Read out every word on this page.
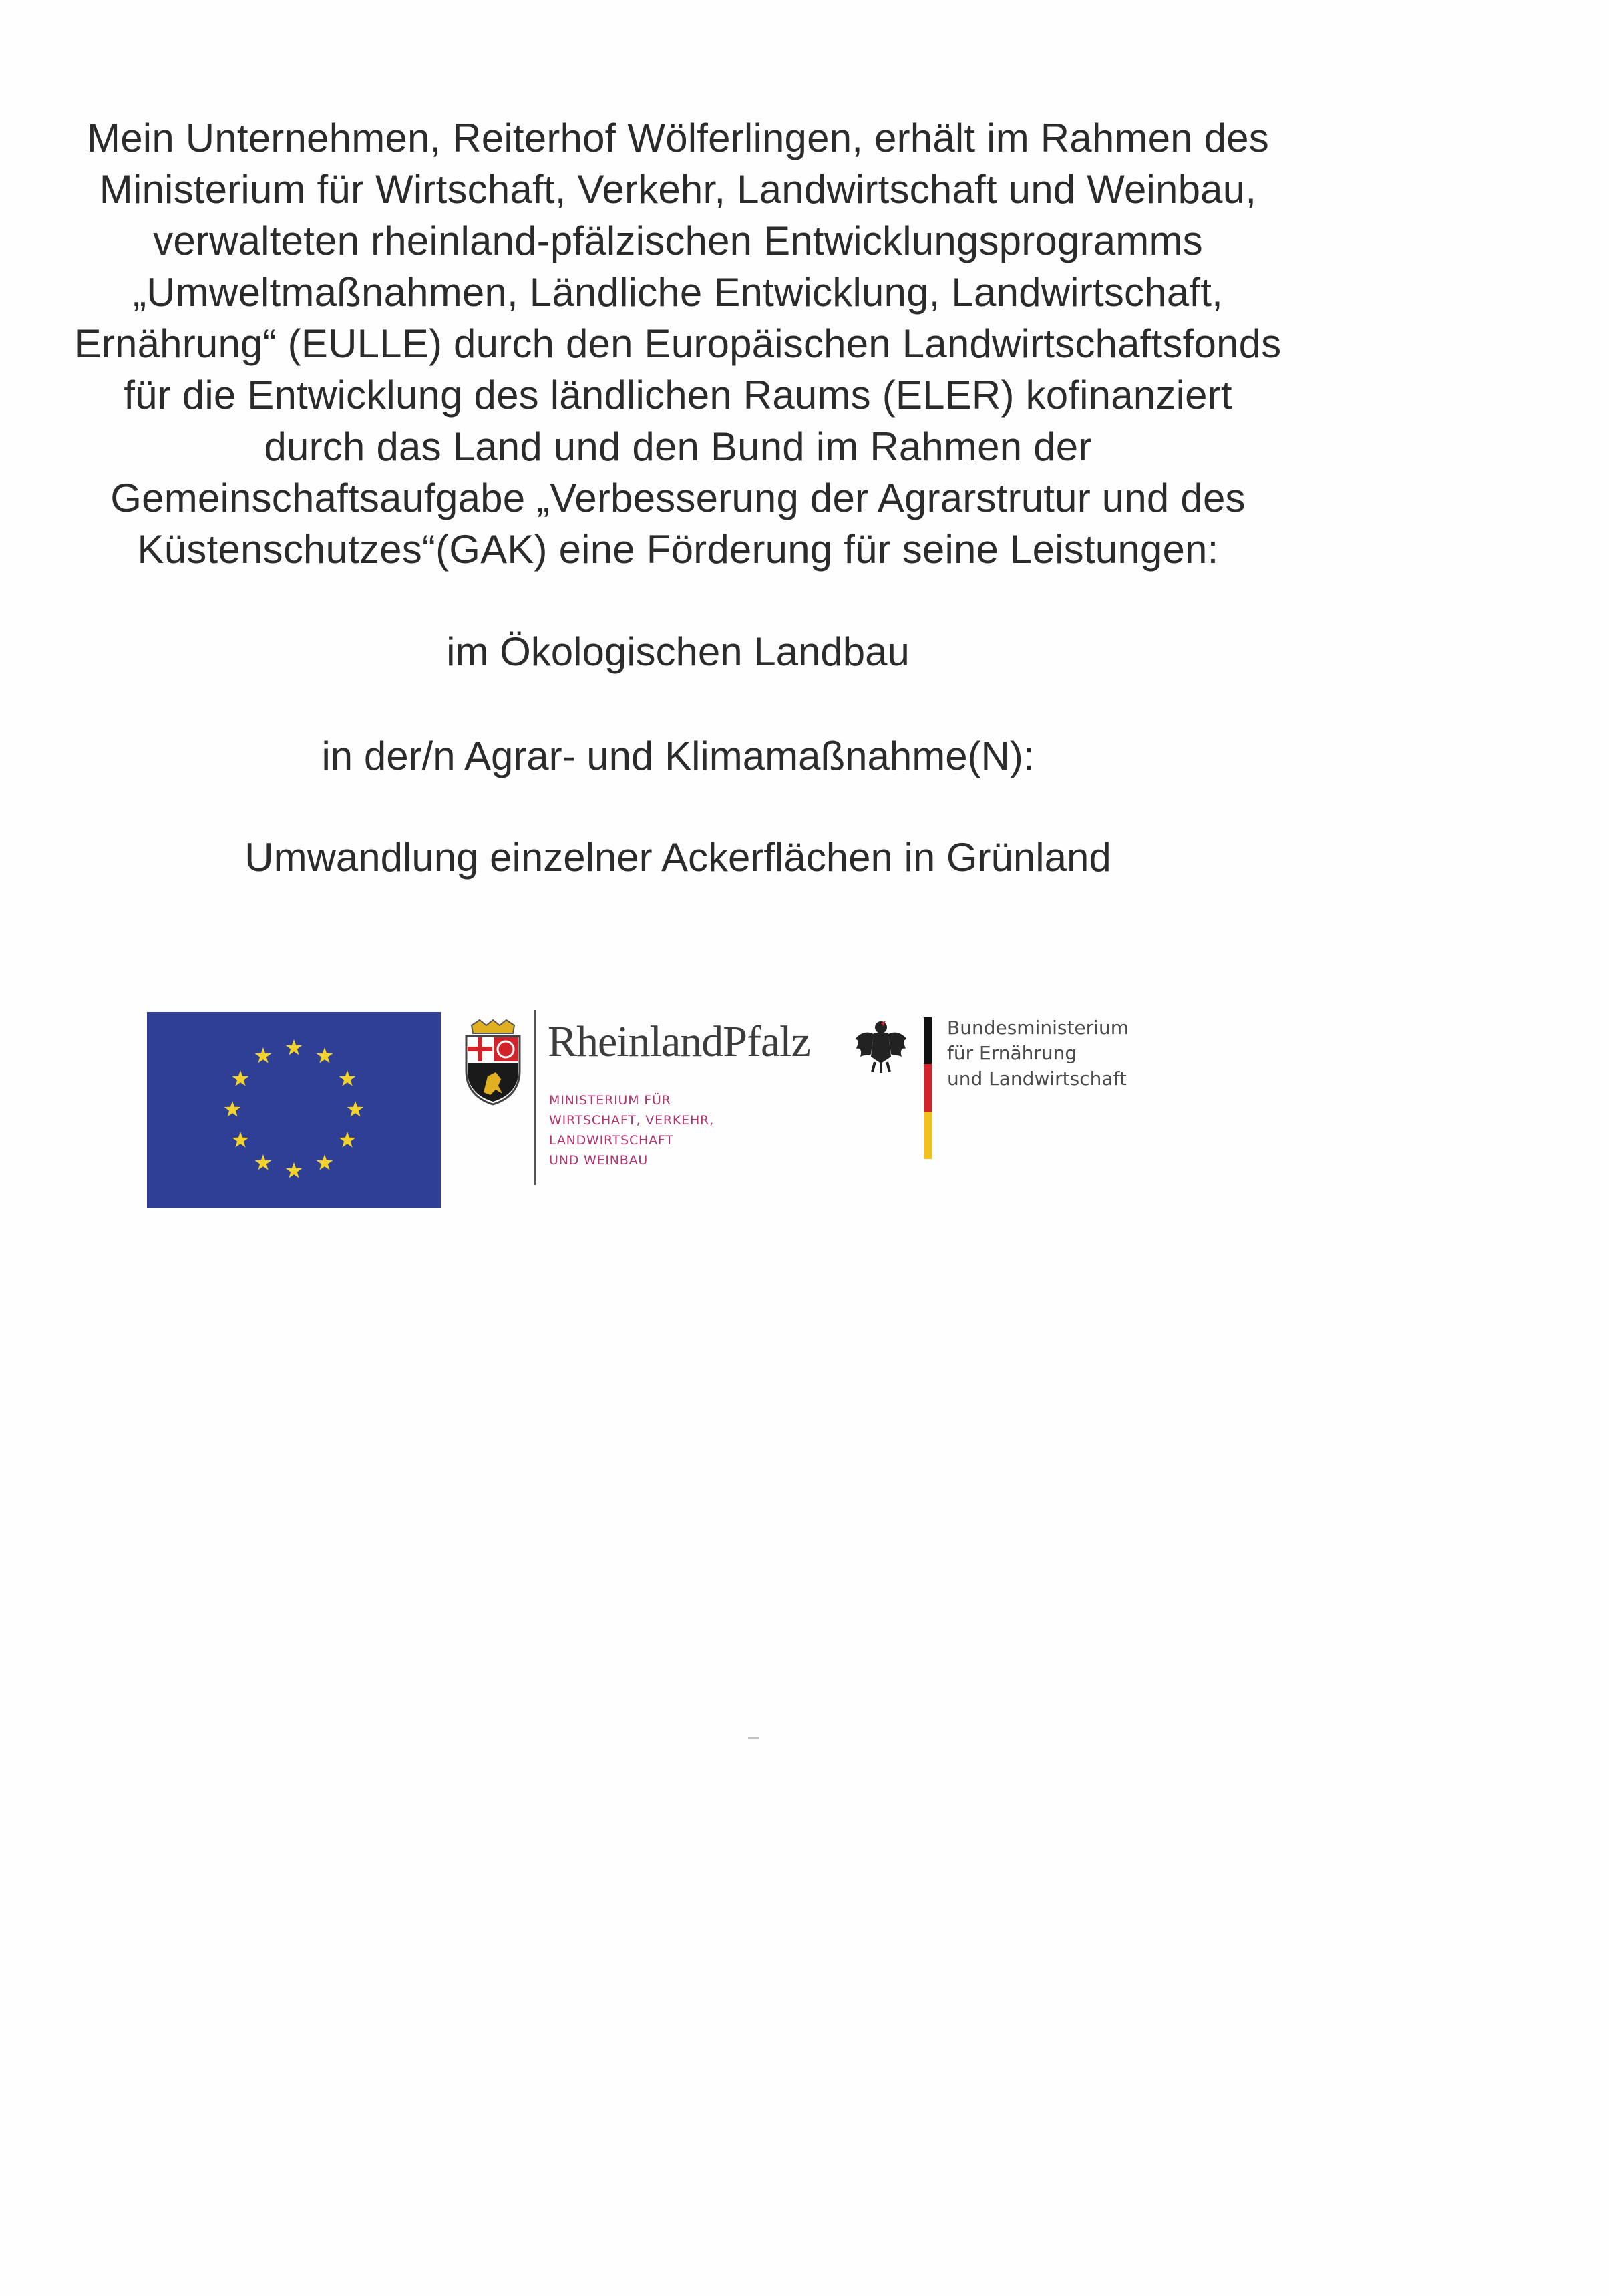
Mein Unternehmen, Reiterhof Wölferlingen, erhält im Rahmen des
Ministerium für Wirtschaft, Verkehr, Landwirtschaft und Weinbau,
verwalteten rheinland-pfälzischen Entwicklungsprogramms
„Umweltmaßnahmen, Ländliche Entwicklung, Landwirtschaft,
Ernährung“ (EULLE) durch den Europäischen Landwirtschaftsfonds
für die Entwicklung des ländlichen Raums (ELER) kofinanziert
durch das Land und den Bund im Rahmen der
Gemeinschaftsaufgabe „Verbesserung der Agrarstrutur und des
Küstenschutzes“(GAK) eine Förderung für seine Leistungen:
im Ökologischen Landbau
in der/n Agrar- und Klimamaßnahme(N):
Umwandlung einzelner Ackerflächen in Grünland
RheinlandPfalz
MINISTERIUM FÜR
WIRTSCHAFT, VERKEHR,
LANDWIRTSCHAFT
UND WEINBAU
Bundesministerium
für Ernährung
und Landwirtschaft
